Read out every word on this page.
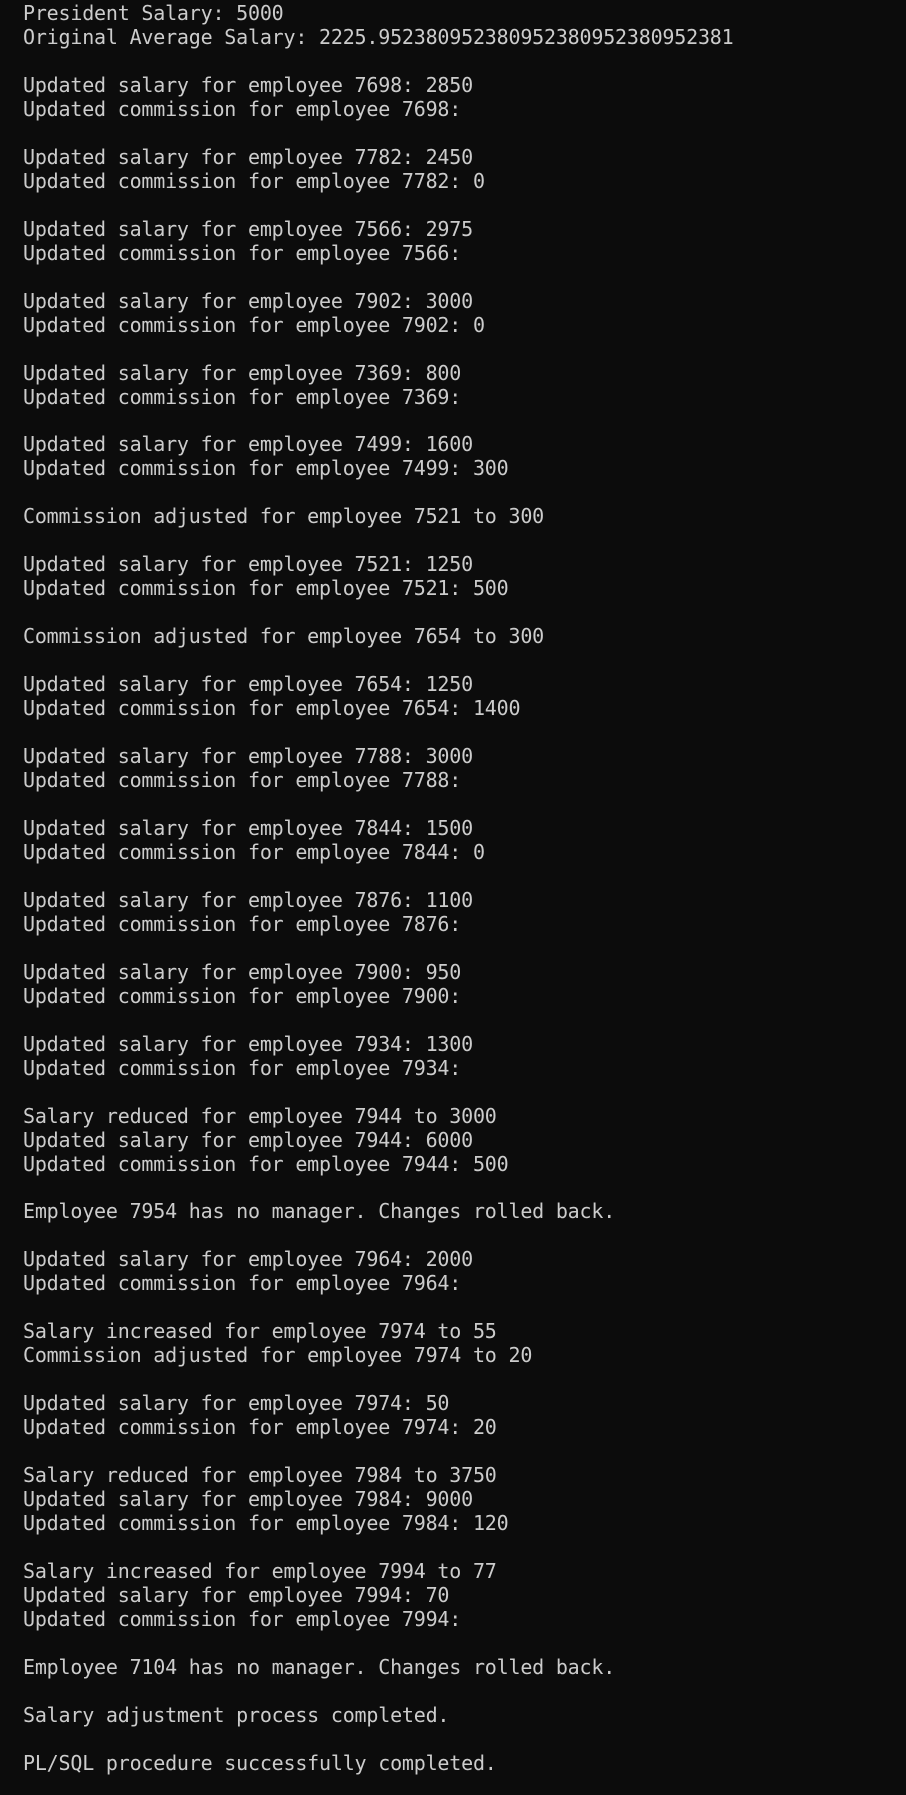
President Salary: 5000
Original Average Salary: 2225.952380952380952380952380952381
Updated salary for employee 7698: 2850
Updated commission for employee 7698:
Updated salary for employee 7782: 2450
Updated commission for employee 7782: 0
Updated salary for employee 7566: 2975
Updated commission for employee 7566:
Updated salary for employee 7902: 3000
Updated commission for employee 7902: 0
Updated salary for employee 7369: 800
Updated commission for employee 7369:
Updated salary for employee 7499: 1600
Updated commission for employee 7499: 300
Commission adjusted for employee 7521 to 300
Updated salary for employee 7521: 1250
Updated commission for employee 7521: 500
Commission adjusted for employee 7654 to 300
Updated salary for employee 7654: 1250
Updated commission for employee 7654: 1400
Updated salary for employee 7788: 3000
Updated commission for employee 7788:
Updated salary for employee 7844: 1500
Updated commission for employee 7844: 0
Updated salary for employee 7876: 1100
Updated commission for employee 7876:
Updated salary for employee 7900: 950
Updated commission for employee 7900:
Updated salary for employee 7934: 1300
Updated commission for employee 7934:
Salary reduced for employee 7944 to 3000
Updated salary for employee 7944: 6000
Updated commission for employee 7944: 500
Employee 7954 has no manager. Changes rolled back.
Updated salary for employee 7964: 2000
Updated commission for employee 7964:
Salary increased for employee 7974 to 55
Commission adjusted for employee 7974 to 20
Updated salary for employee 7974: 50
Updated commission for employee 7974: 20
Salary reduced for employee 7984 to 3750
Updated salary for employee 7984: 9000
Updated commission for employee 7984: 120
Salary increased for employee 7994 to 77
Updated salary for employee 7994: 70
Updated commission for employee 7994:
Employee 7104 has no manager. Changes rolled back.
Salary adjustment process completed.
PL/SQL procedure successfully completed.
